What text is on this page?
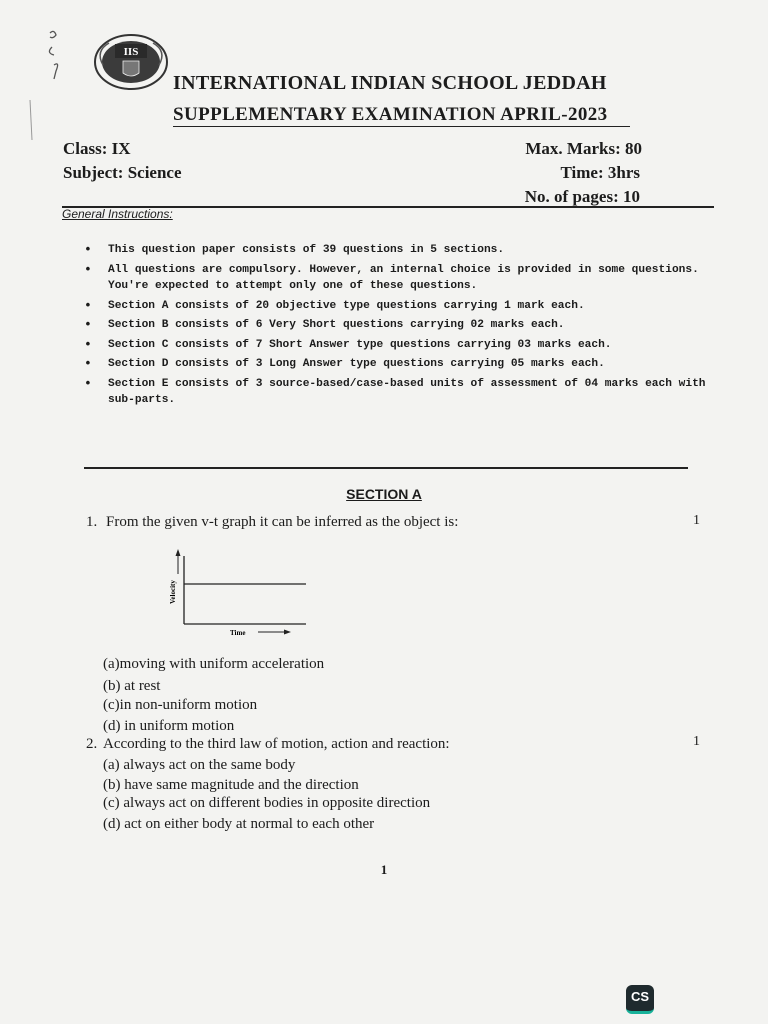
IIS
INTERNATIONAL INDIAN SCHOOL JEDDAH
SUPPLEMENTARY EXAMINATION APRIL-2023
Class: IX
Subject: Science
Max. Marks: 80
Time: 3hrs
No. of pages: 10
General Instructions:
• This question paper consists of 39 questions in 5 sections.
• All questions are compulsory. However, an internal choice is provided in some questions. You're expected to attempt only one of these questions.
• Section A consists of 20 objective type questions carrying 1 mark each.
• Section B consists of 6 Very Short questions carrying 02 marks each.
• Section C consists of 7 Short Answer type questions carrying 03 marks each.
• Section D consists of 3 Long Answer type questions carrying 05 marks each.
• Section E consists of 3 source-based/case-based units of assessment of 04 marks each with sub-parts.
SECTION A
1. From the given v-t graph it can be inferred as the object is:	1
Velocity
Time
(a)moving with uniform acceleration
(b) at rest
(c)in non-uniform motion
(d) in uniform motion
2. According to the third law of motion, action and reaction:	1
(a) always act on the same body
(b) have same magnitude and the direction
(c) always act on different bodies in opposite direction
(d) act on either body at normal to each other
1
CS
